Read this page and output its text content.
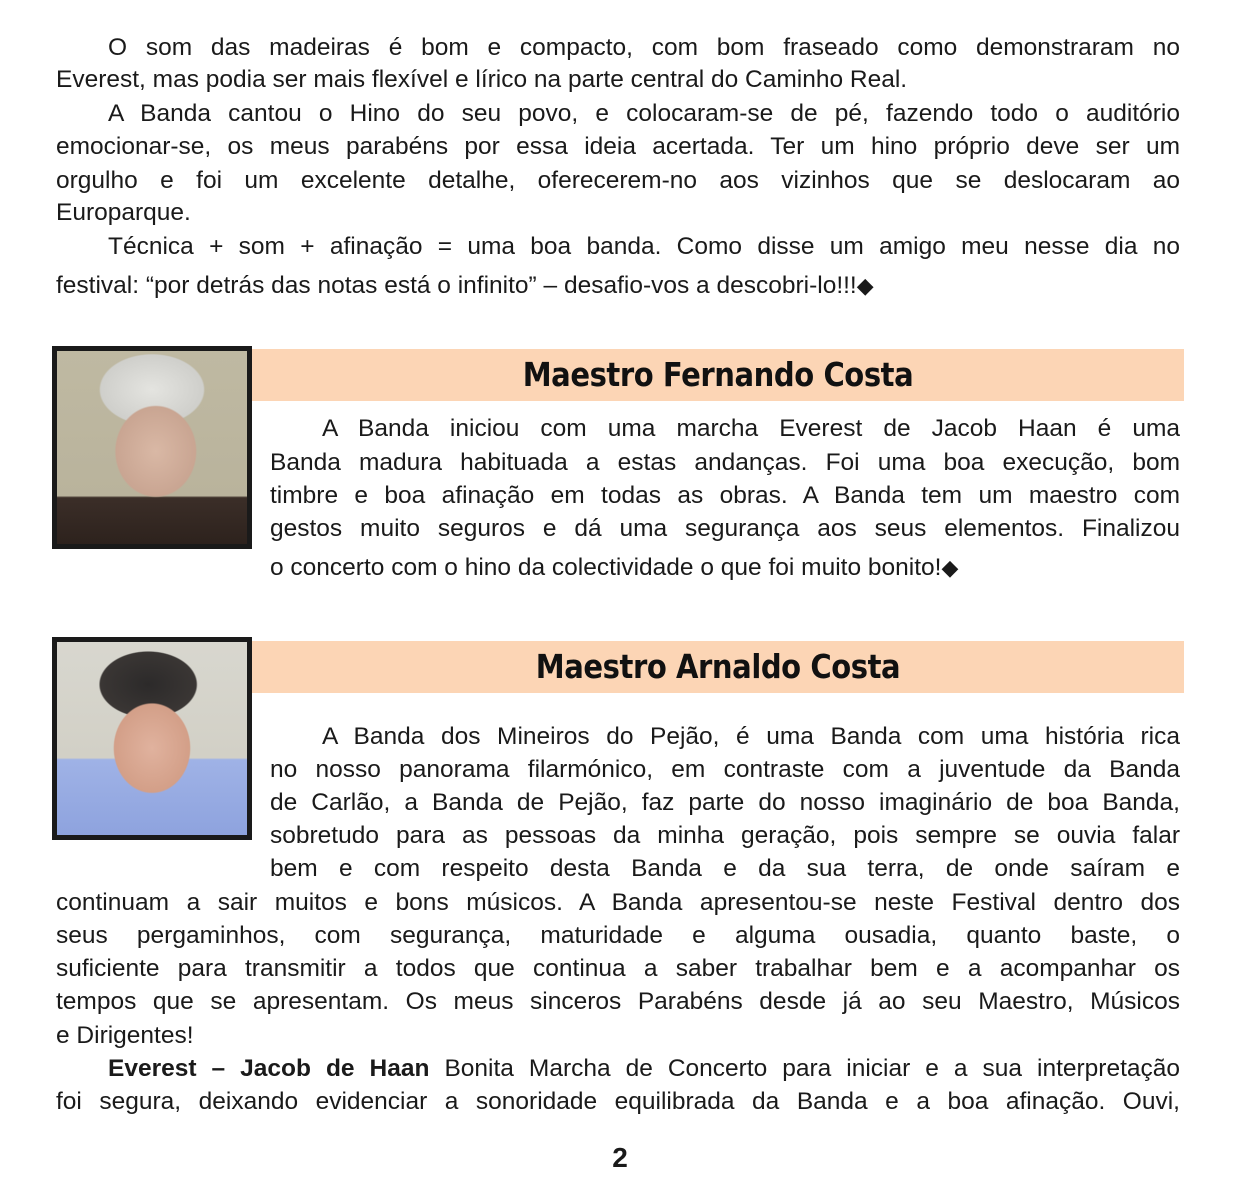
O som das madeiras é bom e compacto, com bom fraseado como demonstraram no
Everest, mas podia ser mais flexível e lírico na parte central do Caminho Real.
A Banda cantou o Hino do seu povo, e colocaram-se de pé, fazendo todo o auditório
emocionar-se, os meus parabéns por essa ideia acertada. Ter um hino próprio deve ser um
orgulho e foi um excelente detalhe, oferecerem-no aos vizinhos que se deslocaram ao
Europarque.
Técnica + som + afinação = uma boa banda. Como disse um amigo meu nesse dia no
festival: “por detrás das notas está o infinito” – desafio-vos a descobri-lo!!!◆
Maestro Fernando Costa
A Banda iniciou com uma marcha Everest de Jacob Haan é uma
Banda madura habituada a estas andanças. Foi uma boa execução, bom
timbre e boa afinação em todas as obras. A Banda tem um maestro com
gestos muito seguros e dá uma segurança aos seus elementos. Finalizou
o concerto com o hino da colectividade o que foi muito bonito!◆
Maestro Arnaldo Costa
A Banda dos Mineiros do Pejão, é uma Banda com uma história rica
no nosso panorama filarmónico, em contraste com a juventude da Banda
de Carlão, a Banda de Pejão, faz parte do nosso imaginário de boa Banda,
sobretudo para as pessoas da minha geração, pois sempre se ouvia falar
bem e com respeito desta Banda e da sua terra, de onde saíram e
continuam a sair muitos e bons músicos. A Banda apresentou-se neste Festival dentro dos
seus pergaminhos, com segurança, maturidade e alguma ousadia, quanto baste, o
suficiente para transmitir a todos que continua a saber trabalhar bem e a acompanhar os
tempos que se apresentam. Os meus sinceros Parabéns desde já ao seu Maestro, Músicos
e Dirigentes!
Everest – Jacob de Haan Bonita Marcha de Concerto para iniciar e a sua interpretação
foi segura, deixando evidenciar a sonoridade equilibrada da Banda e a boa afinação. Ouvi,
2
